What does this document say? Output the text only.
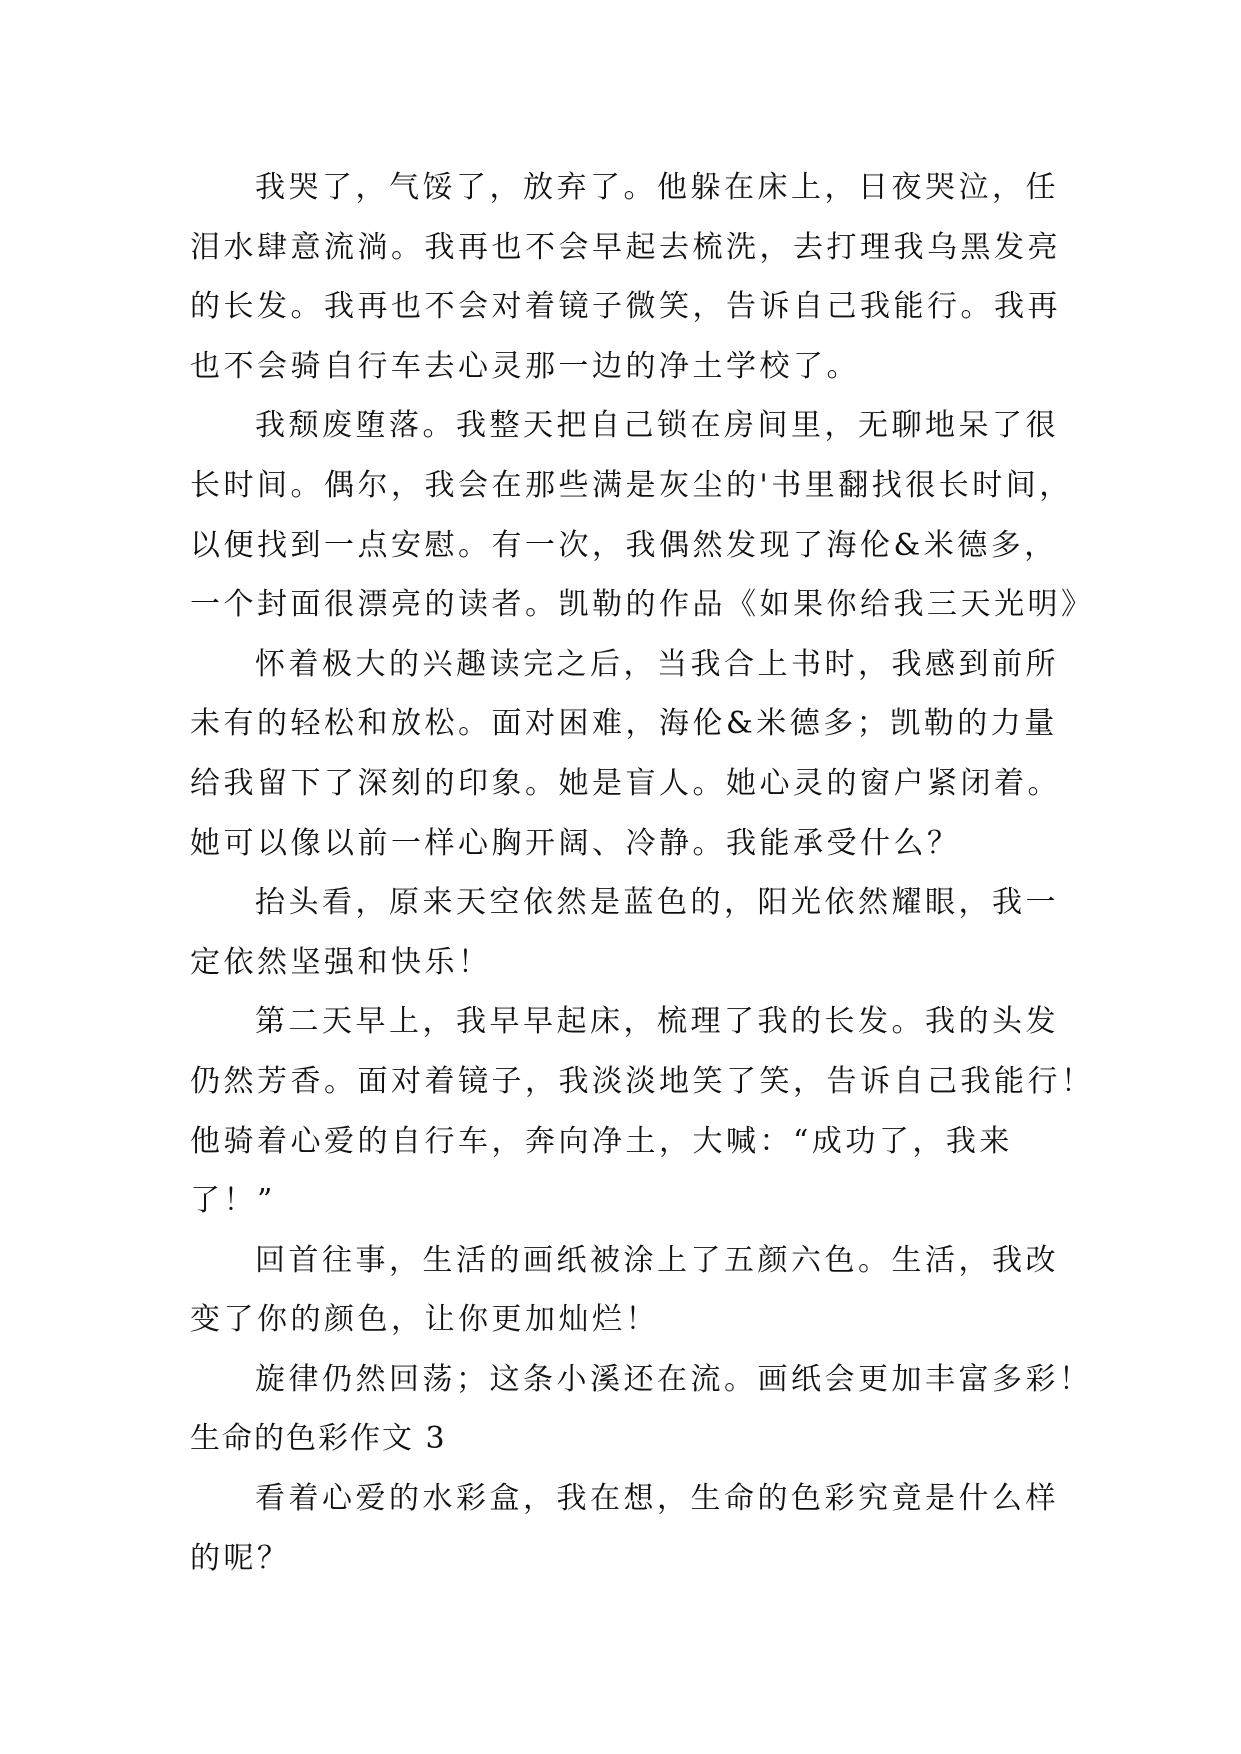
我哭了，气馁了，放弃了。他躲在床上，日夜哭泣，任
泪水肆意流淌。我再也不会早起去梳洗，去打理我乌黑发亮
的长发。我再也不会对着镜子微笑，告诉自己我能行。我再
也不会骑自行车去心灵那一边的净土学校了。
我颓废堕落。我整天把自己锁在房间里，无聊地呆了很
长时间。偶尔，我会在那些满是灰尘的'书里翻找很长时间，
以便找到一点安慰。有一次，我偶然发现了海伦&米德多，
一个封面很漂亮的读者。凯勒的作品《如果你给我三天光明》
怀着极大的兴趣读完之后，当我合上书时，我感到前所
未有的轻松和放松。面对困难，海伦&米德多；凯勒的力量
给我留下了深刻的印象。她是盲人。她心灵的窗户紧闭着。
她可以像以前一样心胸开阔、冷静。我能承受什么？
抬头看，原来天空依然是蓝色的，阳光依然耀眼，我一
定依然坚强和快乐！
第二天早上，我早早起床，梳理了我的长发。我的头发
仍然芳香。面对着镜子，我淡淡地笑了笑，告诉自己我能行！
他骑着心爱的自行车，奔向净土，大喊：“成功了，我来
了！”
回首往事，生活的画纸被涂上了五颜六色。生活，我改
变了你的颜色，让你更加灿烂！
旋律仍然回荡；这条小溪还在流。画纸会更加丰富多彩！
生命的色彩作文 3
看着心爱的水彩盒，我在想，生命的色彩究竟是什么样
的呢？
